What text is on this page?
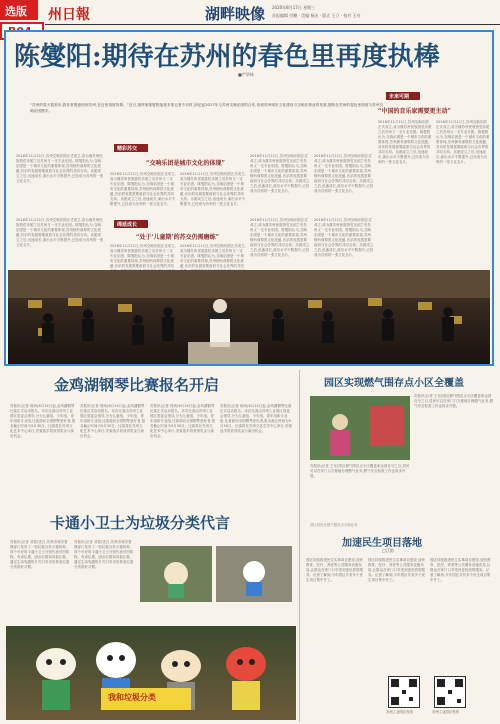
选版 州日報	湖畔映像 2020年8月17日 星期三
苏报编辑 付栅 · 美编 杨洁 · 版式 王立 · 校对 王舟
陈燮阳:期待在苏州的春色里再度执棒
■严华林
“苏州的春天很美好,我非常愿意回到苏州,在这里再度执棒。”近日,指挥家陈燮阳接受本报记者专访时,回忆起2017年与苏州交响乐团的合作,谈到苏州城市文化建设与交响乐事业的发展,期待在苏州的春色里再度与苏州交响乐团携手。
未来可期
“中国的音乐家需要更主动”
2016年11月11日,苏州交响乐团正式成立,成为继苏州民族管弦乐团之后苏州又一支专业乐团。陈燮阳认为,交响乐团是一个城市文化的重要体现,苏州拥有深厚的文化底蕴,音乐的发展需要政府与社会各界的共同支持。乐团成立之后,迅速成长,演出水平不断提升,已经成为苏州的一张文化名片。
2016年11月11日,苏州交响乐团正式成立,成为继苏州民族管弦乐团之后苏州又一支专业乐团。陈燮阳认为,交响乐团是一个城市文化的重要体现,苏州拥有深厚的文化底蕴,音乐的发展需要政府与社会各界的共同支持。乐团成立之后,迅速成长,演出水平不断提升,已经成为苏州的一张文化名片。
精彩苏交
“交响乐团是城市文化的体现”
2016年11月11日,苏州交响乐团正式成立,成为继苏州民族管弦乐团之后苏州又一支专业乐团。陈燮阳认为,交响乐团是一个城市文化的重要体现,苏州拥有深厚的文化底蕴,音乐的发展需要政府与社会各界的共同支持。乐团成立之后,迅速成长,演出水平不断提升,已经成为苏州的一张文化名片。
2016年11月11日,苏州交响乐团正式成立,成为继苏州民族管弦乐团之后苏州又一支专业乐团。陈燮阳认为,交响乐团是一个城市文化的重要体现,苏州拥有深厚的文化底蕴,音乐的发展需要政府与社会各界的共同支持。乐团成立之后,迅速成长,演出水平不断提升,已经成为苏州的一张文化名片。
2016年11月11日,苏州交响乐团正式成立,成为继苏州民族管弦乐团之后苏州又一支专业乐团。陈燮阳认为,交响乐团是一个城市文化的重要体现,苏州拥有深厚的文化底蕴,音乐的发展需要政府与社会各界的共同支持。乐团成立之后,迅速成长,演出水平不断提升,已经成为苏州的一张文化名片。
2016年11月11日,苏州交响乐团正式成立,成为继苏州民族管弦乐团之后苏州又一支专业乐团。陈燮阳认为,交响乐团是一个城市文化的重要体现,苏州拥有深厚的文化底蕴,音乐的发展需要政府与社会各界的共同支持。乐团成立之后,迅速成长,演出水平不断提升,已经成为苏州的一张文化名片。
2016年11月11日,苏州交响乐团正式成立,成为继苏州民族管弦乐团之后苏州又一支专业乐团。陈燮阳认为,交响乐团是一个城市文化的重要体现,苏州拥有深厚的文化底蕴,音乐的发展需要政府与社会各界的共同支持。乐团成立之后,迅速成长,演出水平不断提升,已经成为苏州的一张文化名片。
绵延成长
“处于‘儿童期’的苏交仍需磨练”
2016年11月11日,苏州交响乐团正式成立,成为继苏州民族管弦乐团之后苏州又一支专业乐团。陈燮阳认为,交响乐团是一个城市文化的重要体现,苏州拥有深厚的文化底蕴,音乐的发展需要政府与社会各界的共同支持。乐团成立之后,迅速成长,演出水平不断提升,已经成为苏州的一张文化名片。	2016年11月11日,苏州交响乐团正式成立,成为继苏州民族管弦乐团之后苏州又一支专业乐团。陈燮阳认为,交响乐团是一个城市文化的重要体现,苏州拥有深厚的文化底蕴,音乐的发展需要政府与社会各界的共同
2016年11月11日,苏州交响乐团正式成立,成为继苏州民族管弦乐团之后苏州又一支专业乐团。陈燮阳认为,交响乐团是一个城市文化的重要体现,苏州拥有深厚的文化底蕴,音乐的发展需要政府与社会各界的共同
2016年11月11日,苏州交响乐团正式成立,成为继苏州民族管弦乐团之后苏州又一支专业乐团。陈燮阳认为,交响乐团是一个城市文化的重要体现,苏州拥有深厚的文化底蕴,音乐的发展需要政府与社会各界的共同支持。乐团成立之后,迅速成长,演出水平不断提升,已经成为苏州的一张文化名片。
2016年11月11日,苏州交响乐团正式成立,成为继苏州民族管弦乐团之后苏州又一支专业乐团。陈燮阳认为,交响乐团是一个城市文化的重要体现,苏州拥有深厚的文化底蕴,音乐的发展需要政府与社会各界的共同支持。乐团成立之后,迅速成长,演出水平不断提升,已经成为苏州的一张文化名片。
金鸡湖钢琴比赛报名开启
苏报讯(记者 蒋尚)8月14日起,金鸡湖钢琴比赛正式启动报名。本次比赛由苏州工业园区管委会指导,分为儿童组、少年组、青年组和专业组,比赛面向全国钢琴爱好者,报名截止时间为9月30日。比赛将在苏州文化艺术中心举行,决赛选手将获得奖金与演出机会。
苏报讯(记者 蒋尚)8月14日起,金鸡湖钢琴比赛正式启动报名。本次比赛由苏州工业园区管委会指导,分为儿童组、少年组、青年组和专业组,比赛面向全国钢琴爱好者,报名截止时间为9月30日。比赛将在苏州文化艺术中心举行,决赛选手将获得奖金与演出机会。
苏报讯(记者 蒋尚)8月14日起,金鸡湖钢琴比赛正式启动报名。本次比赛由苏州工业园区管委会指导,分为儿童组、少年组、青年组和专业组,比赛面向全国钢琴爱好者,报名截止时间为9月30日。比赛将在苏州文化艺术中心举行,决赛选手将获得奖金与演出机会。
苏报讯(记者 蒋尚)8月14日起,金鸡湖钢琴比赛正式启动报名。本次比赛由苏州工业园区管委会指导,分为儿童组、少年组、青年组和专业组,比赛面向全国钢琴爱好者,报名截止时间为9月30日。比赛将在苏州文化艺术中心举行,决赛选手将获得奖金与演出机会。
卡通小卫士为垃圾分类代言
苏报讯(记者 刘春)近日,苏州市城市管理部门发布了一组垃圾分类卡通形象,四个可爱的卡通小卫士分别代表可回收物、有害垃圾、厨余垃圾和其他垃圾,通过生动有趣的方式引导市民养成垃圾分类的好习惯。
苏报讯(记者 刘春)近日,苏州市城市管理部门发布了一组垃圾分类卡通形象,四个可爱的卡通小卫士分别代表可回收物、有害垃圾、厨余垃圾和其他垃圾,通过生动有趣的方式引导市民养成垃圾分类的好习惯。
我和垃圾分类
园区实现燃气围存点小区全覆盖
苏报讯(记者 王东)园区燃气围存点小区覆盖率达到百分之百,居民可以在家门口方便地办理燃气业务,燃气安全检查工作也同步开展。
苏报讯(记者 王东)园区燃气围存点小区覆盖率达到百分之百,居民可以在家门口方便地办理燃气业务,燃气安全检查工作也同步开展。
园区居民在燃气服务点办理业务
加速民生项目落地
□江韵
园区持续推进民生实事项目建设,加快教育、医疗、养老等公共服务设施布局,让群众在家门口享受到更优质的服务。记者了解到,今年园区共有多个民生项目集中开工。
园区持续推进民生实事项目建设,加快教育、医疗、养老等公共服务设施布局,让群众在家门口享受到更优质的服务。记者了解到,今年园区共有多个民生项目集中开工。
园区持续推进民生实事项目建设,加快教育、医疗、养老等公共服务设施布局,让群众在家门口享受到更优质的服务。记者了解到,今年园区共有多个民生项目集中开工。
苏州工业园区发布	苏州工业园区发布
